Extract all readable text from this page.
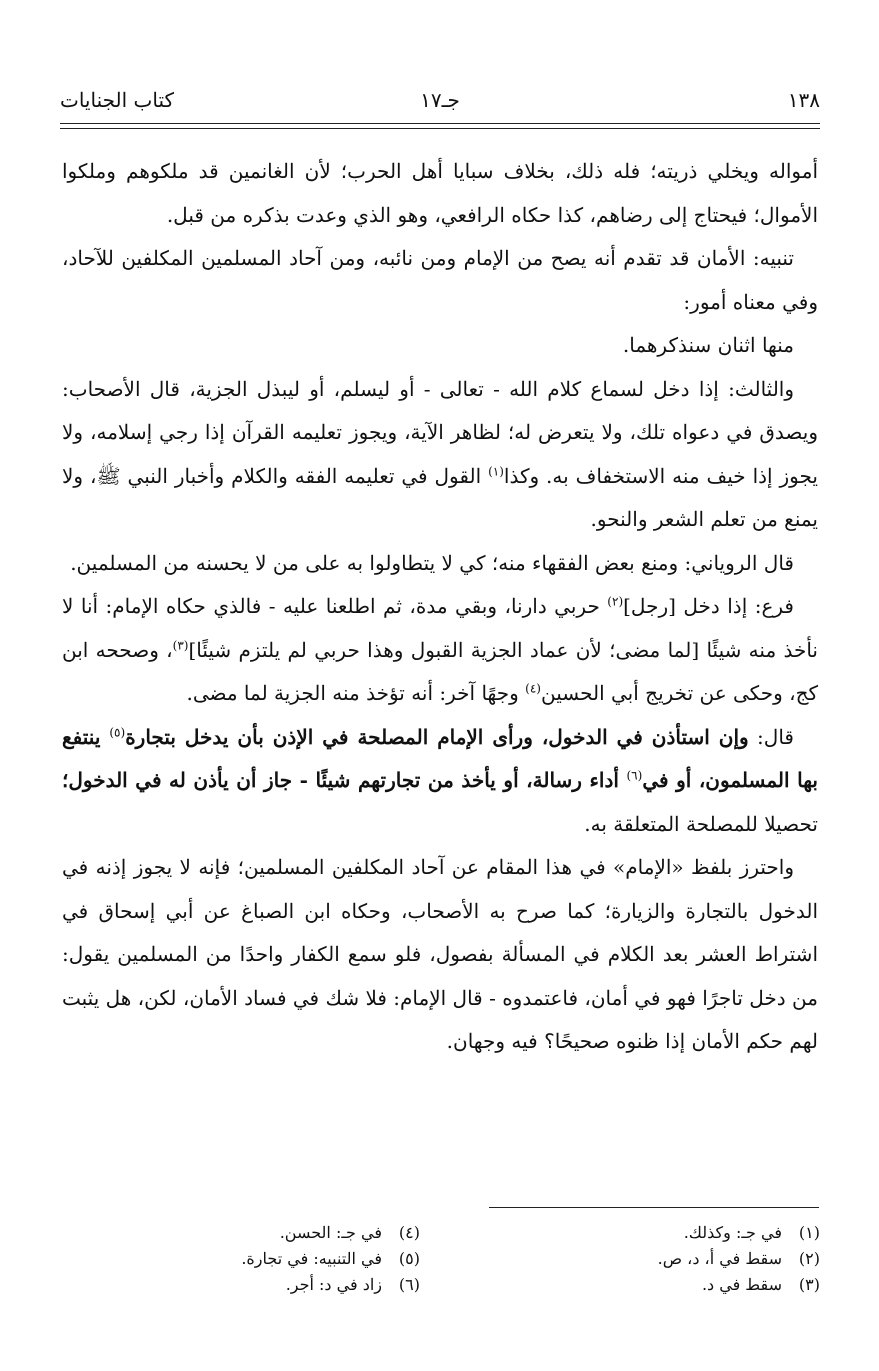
١٣٨
جـ١٧
كتاب الجنايات

أمواله ويخلي ذريته؛ فله ذلك، بخلاف سبايا أهل الحرب؛ لأن الغانمين قد ملكوهم وملكوا الأموال؛ فيحتاج إلى رضاهم، كذا حكاه الرافعي، وهو الذي وعدت بذكره من قبل.

تنبيه: الأمان قد تقدم أنه يصح من الإمام ومن نائبه، ومن آحاد المسلمين المكلفين للآحاد، وفي معناه أمور:

منها اثنان سنذكرهما.

والثالث: إذا دخل لسماع كلام الله - تعالى - أو ليسلم، أو ليبذل الجزية، قال الأصحاب: ويصدق في دعواه تلك، ولا يتعرض له؛ لظاهر الآية، ويجوز تعليمه القرآن إذا رجي إسلامه، ولا يجوز إذا خيف منه الاستخفاف به. وكذا$^{(١)}$ القول في تعليمه الفقه والكلام وأخبار النبي ﷺ، ولا يمنع من تعلم الشعر والنحو.

قال الروياني: ومنع بعض الفقهاء منه؛ كي لا يتطاولوا به على من لا يحسنه من المسلمين.

فرع: إذا دخل [رجل]$^{(٢)}$ حربي دارنا، وبقي مدة، ثم اطلعنا عليه - فالذي حكاه الإمام: أنا لا نأخذ منه شيئًا [لما مضى؛ لأن عماد الجزية القبول وهذا حربي لم يلتزم شيئًا]$^{(٣)}$، وصححه ابن كج، وحكى عن تخريج أبي الحسين$^{(٤)}$ وجهًا آخر: أنه تؤخذ منه الجزية لما مضى.

قال: وإن استأذن في الدخول، ورأى الإمام المصلحة في الإذن بأن يدخل بتجارة$^{(٥)}$ ينتفع بها المسلمون، أو في$^{(٦)}$ أداء رسالة، أو يأخذ من تجارتهم شيئًا - جاز أن يأذن له في الدخول؛ تحصيلا للمصلحة المتعلقة به.

واحترز بلفظ «الإمام» في هذا المقام عن آحاد المكلفين المسلمين؛ فإنه لا يجوز إذنه في الدخول بالتجارة والزيارة؛ كما صرح به الأصحاب، وحكاه ابن الصباغ عن أبي إسحاق في اشتراط العشر بعد الكلام في المسألة بفصول، فلو سمع الكفار واحدًا من المسلمين يقول: من دخل تاجرًا فهو في أمان، فاعتمدوه - قال الإمام: فلا شك في فساد الأمان، لكن، هل يثبت لهم حكم الأمان إذا ظنوه صحيحًا؟ فيه وجهان.

(١)في جـ: وكذلك.
(٢)سقط في أ، د، ص.
(٣)سقط في د.
(٤)في جـ: الحسن.
(٥)في التنبيه: في تجارة.
(٦)زاد في د: أجر.
